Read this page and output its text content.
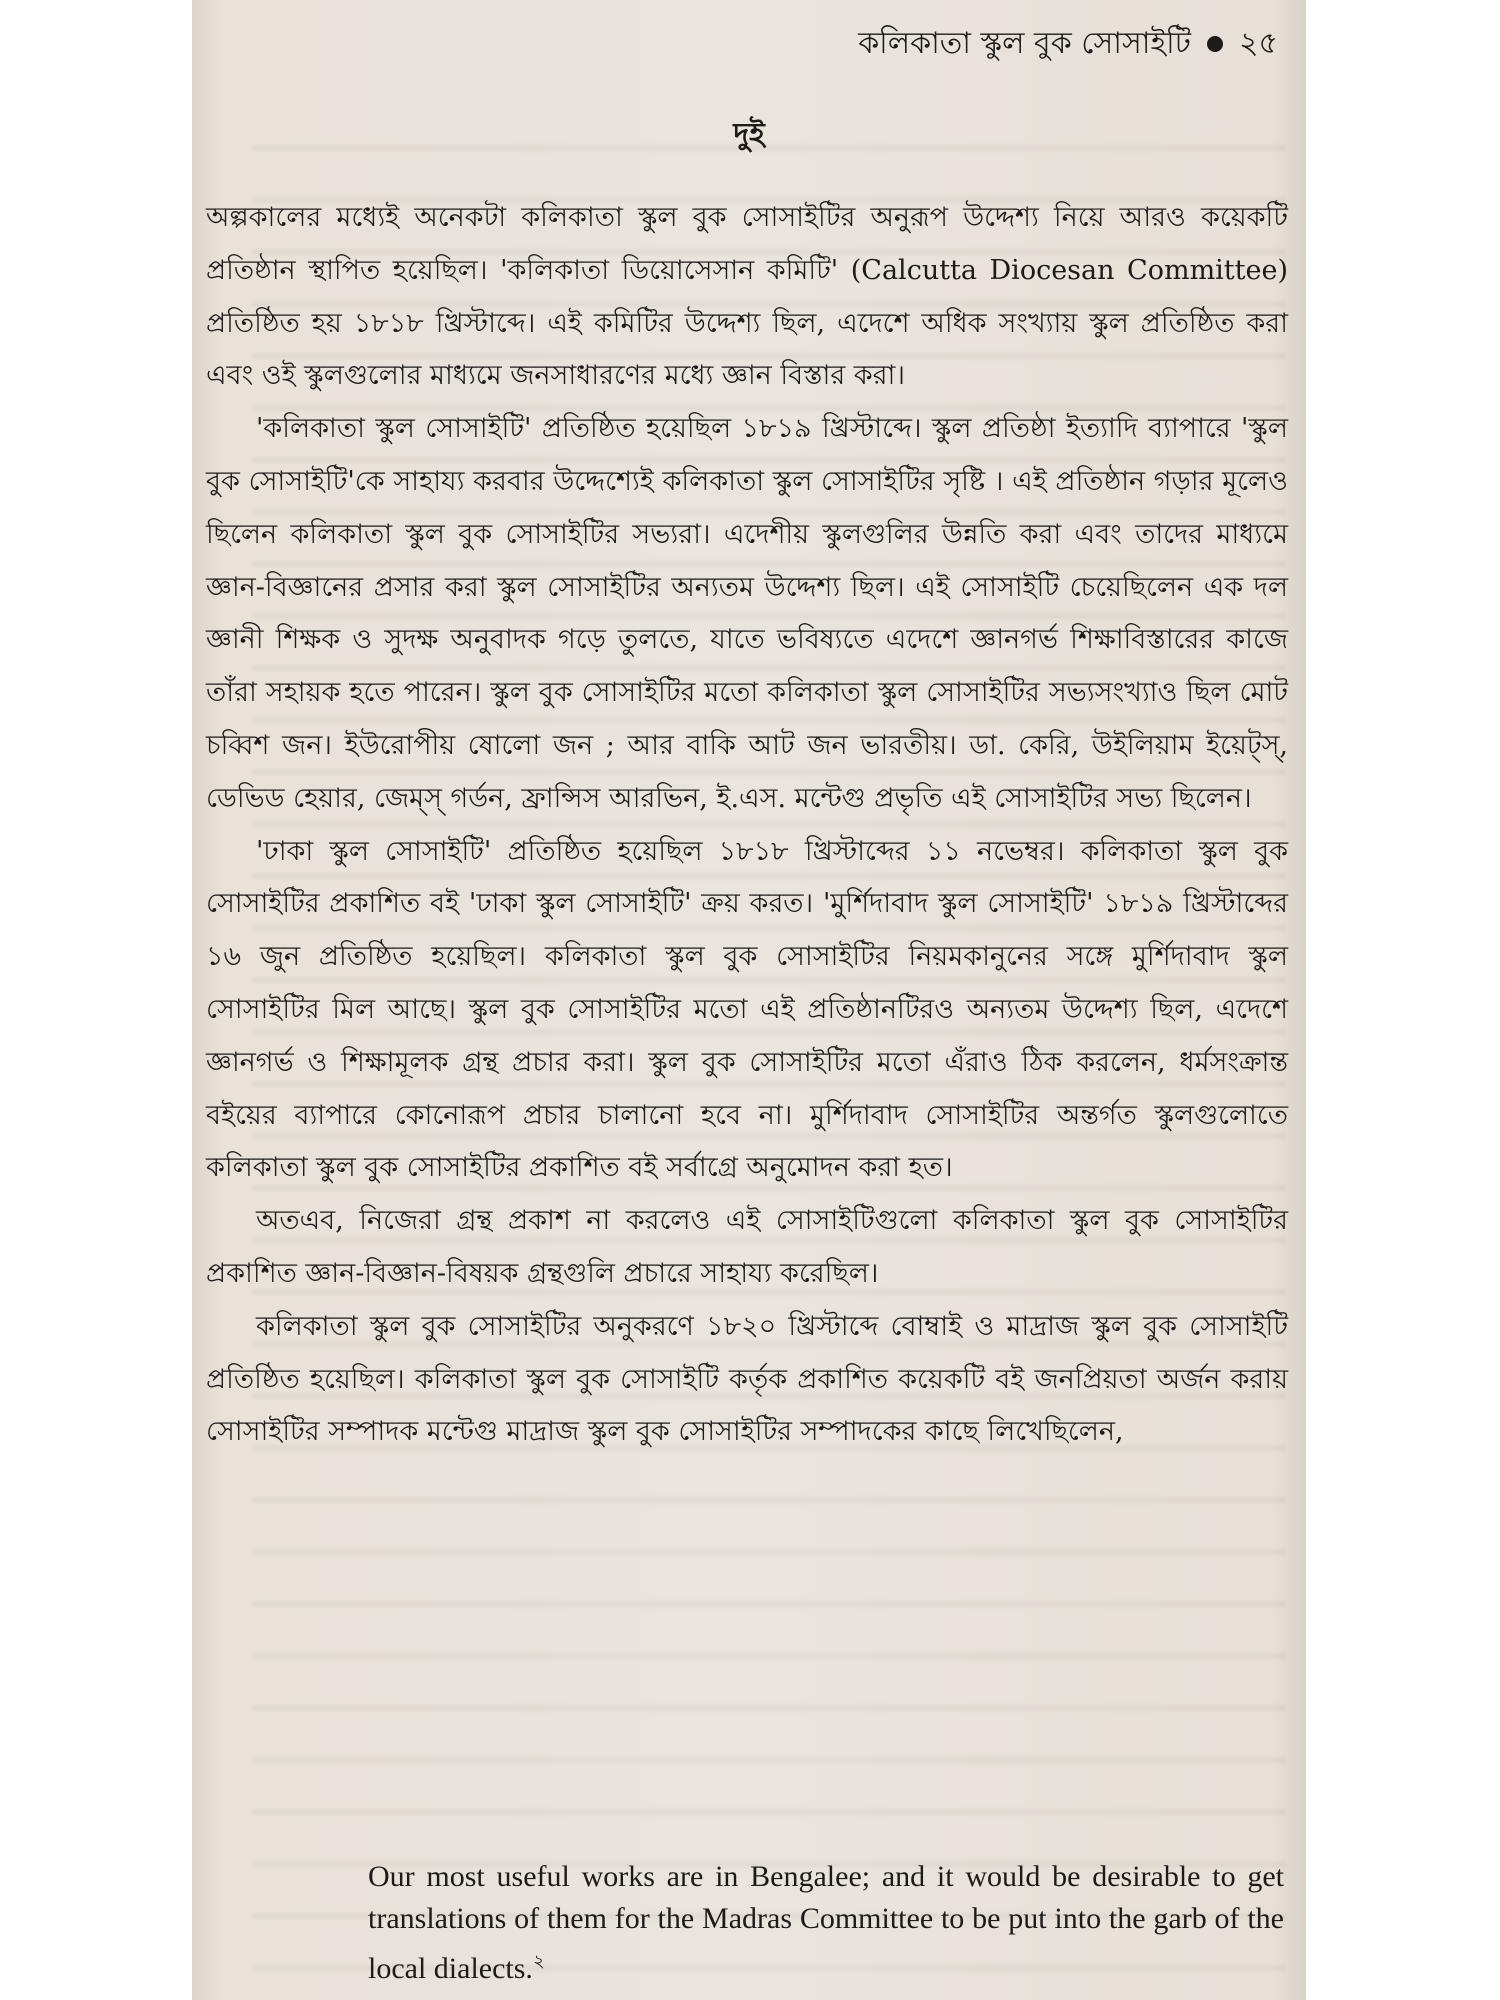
কলিকাতা স্কুল বুক সোসাইটি ২৫
দুই

অল্পকালের মধ্যেই অনেকটা কলিকাতা স্কুল বুক সোসাইটির অনুরূপ উদ্দেশ্য নিয়ে আরও কয়েকটি প্রতিষ্ঠান স্থাপিত হয়েছিল। 'কলিকাতা ডিয়োসেসান কমিটি' (Calcutta Diocesan Committee) প্রতিষ্ঠিত হয় ১৮১৮ খ্রিস্টাব্দে। এই কমিটির উদ্দেশ্য ছিল, এদেশে অধিক সংখ্যায় স্কুল প্রতিষ্ঠিত করা এবং ওই স্কুলগুলোর মাধ্যমে জনসাধারণের মধ্যে জ্ঞান বিস্তার করা।

'কলিকাতা স্কুল সোসাইটি' প্রতিষ্ঠিত হয়েছিল ১৮১৯ খ্রিস্টাব্দে। স্কুল প্রতিষ্ঠা ইত্যাদি ব্যাপারে 'স্কুল বুক সোসাইটি'কে সাহায্য করবার উদ্দেশ্যেই কলিকাতা স্কুল সোসাইটির সৃষ্টি । এই প্রতিষ্ঠান গড়ার মূলেও ছিলেন কলিকাতা স্কুল বুক সোসাইটির সভ্যরা। এদেশীয় স্কুলগুলির উন্নতি করা এবং তাদের মাধ্যমে জ্ঞান-বিজ্ঞানের প্রসার করা স্কুল সোসাইটির অন্যতম উদ্দেশ্য ছিল। এই সোসাইটি চেয়েছিলেন এক দল জ্ঞানী শিক্ষক ও সুদক্ষ অনুবাদক গড়ে তুলতে, যাতে ভবিষ্যতে এদেশে জ্ঞানগর্ভ শিক্ষাবিস্তারের কাজে তাঁরা সহায়ক হতে পারেন। স্কুল বুক সোসাইটির মতো কলিকাতা স্কুল সোসাইটির সভ্যসংখ্যাও ছিল মোট চব্বিশ জন। ইউরোপীয় ষোলো জন ; আর বাকি আট জন ভারতীয়। ডা. কেরি, উইলিয়াম ইয়েট্স্, ডেভিড হেয়ার, জেম্স্ গর্ডন, ফ্রান্সিস আরভিন, ই.এস. মন্টেগু প্রভৃতি এই সোসাইটির সভ্য ছিলেন।

'ঢাকা স্কুল সোসাইটি' প্রতিষ্ঠিত হয়েছিল ১৮১৮ খ্রিস্টাব্দের ১১ নভেম্বর। কলিকাতা স্কুল বুক সোসাইটির প্রকাশিত বই 'ঢাকা স্কুল সোসাইটি' ক্রয় করত। 'মুর্শিদাবাদ স্কুল সোসাইটি' ১৮১৯ খ্রিস্টাব্দের ১৬ জুন প্রতিষ্ঠিত হয়েছিল। কলিকাতা স্কুল বুক সোসাইটির নিয়মকানুনের সঙ্গে মুর্শিদাবাদ স্কুল সোসাইটির মিল আছে। স্কুল বুক সোসাইটির মতো এই প্রতিষ্ঠানটিরও অন্যতম উদ্দেশ্য ছিল, এদেশে জ্ঞানগর্ভ ও শিক্ষামূলক গ্রন্থ প্রচার করা। স্কুল বুক সোসাইটির মতো এঁরাও ঠিক করলেন, ধর্মসংক্রান্ত বইয়ের ব্যাপারে কোনোরূপ প্রচার চালানো হবে না। মুর্শিদাবাদ সোসাইটির অন্তর্গত স্কুলগুলোতে কলিকাতা স্কুল বুক সোসাইটির প্রকাশিত বই সর্বাগ্রে অনুমোদন করা হত।

অতএব, নিজেরা গ্রন্থ প্রকাশ না করলেও এই সোসাইটিগুলো কলিকাতা স্কুল বুক সোসাইটির প্রকাশিত জ্ঞান-বিজ্ঞান-বিষয়ক গ্রন্থগুলি প্রচারে সাহায্য করেছিল।

কলিকাতা স্কুল বুক সোসাইটির অনুকরণে ১৮২০ খ্রিস্টাব্দে বোম্বাই ও মাদ্রাজ স্কুল বুক সোসাইটি প্রতিষ্ঠিত হয়েছিল। কলিকাতা স্কুল বুক সোসাইটি কর্তৃক প্রকাশিত কয়েকটি বই জনপ্রিয়তা অর্জন করায় সোসাইটির সম্পাদক মন্টেগু মাদ্রাজ স্কুল বুক সোসাইটির সম্পাদকের কাছে লিখেছিলেন,

Our most useful works are in Bengalee; and it would be desirable to get translations of them for the Madras Committee to be put into the garb of the local dialects.$^২$
